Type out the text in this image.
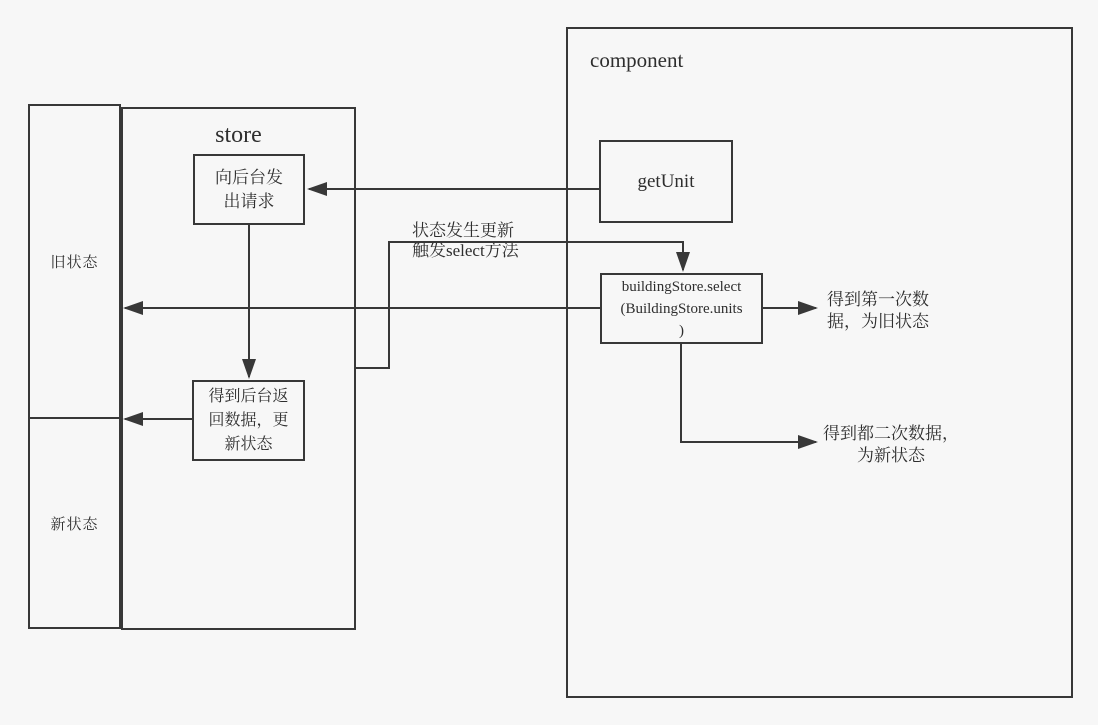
旧状态
新状态
store
向后台发
出请求
得到后台返
回数据，更
新状态
component
getUnit
buildingStore.select
(BuildingStore.units
)
状态发生更新
触发select方法
得到第一次数
据，为旧状态
得到都二次数据，
为新状态
